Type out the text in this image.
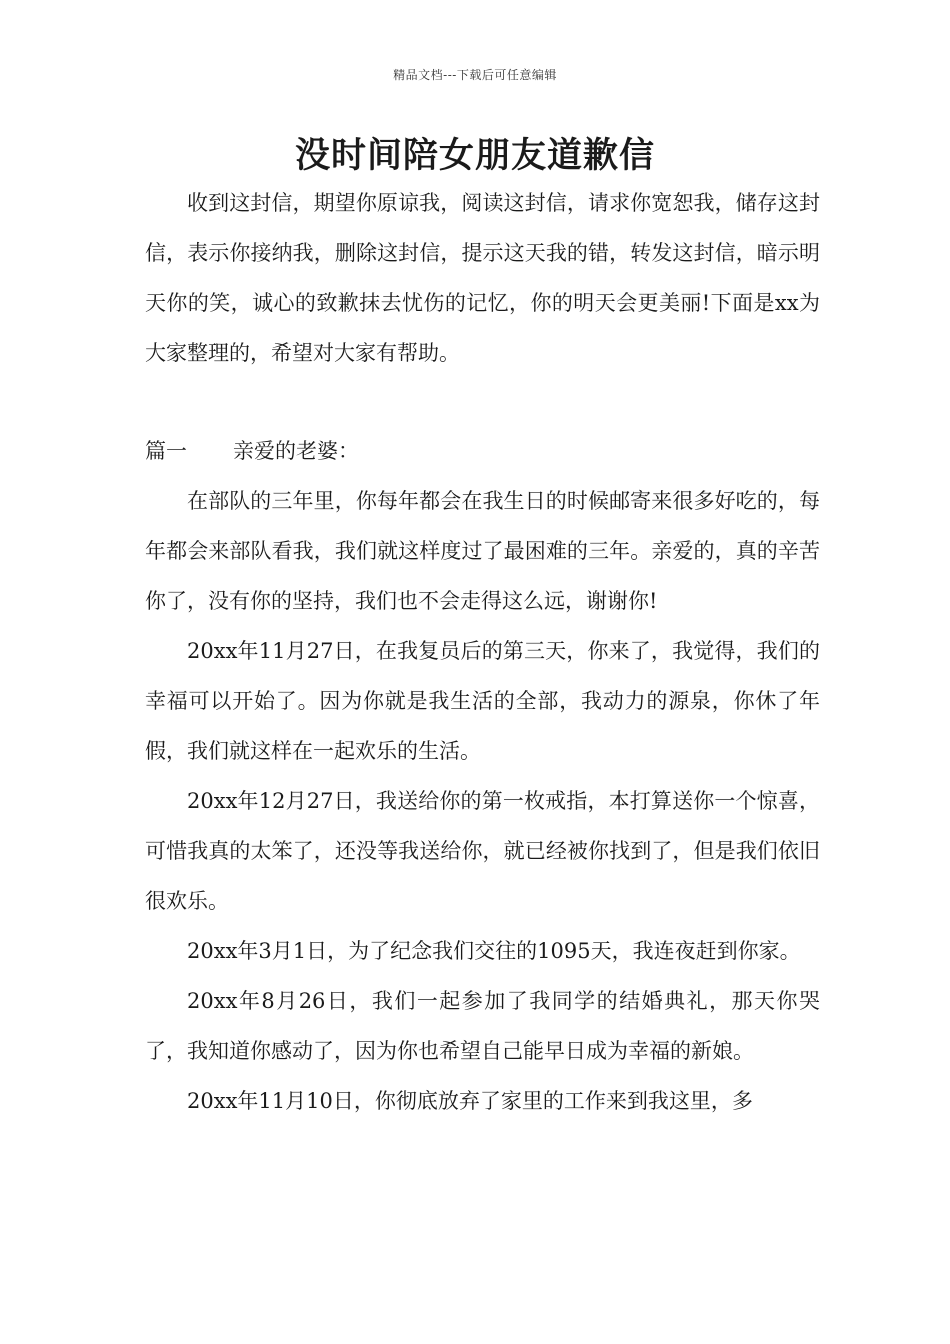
精品文档---下载后可任意编辑
没时间陪女朋友道歉信

收到这封信，期望你原谅我，阅读这封信，请求你宽恕我，储存这封信，表示你接纳我，删除这封信，提示这天我的错，转发这封信，暗示明天你的笑，诚心的致歉抹去忧伤的记忆，你的明天会更美丽!下面是xx为大家整理的，希望对大家有帮助。

篇一	亲爱的老婆：

在部队的三年里，你每年都会在我生日的时候邮寄来很多好吃的，每年都会来部队看我，我们就这样度过了最困难的三年。亲爱的，真的辛苦你了，没有你的坚持，我们也不会走得这么远，谢谢你!

20xx年11月27日，在我复员后的第三天，你来了，我觉得，我们的幸福可以开始了。因为你就是我生活的全部，我动力的源泉，你休了年假，我们就这样在一起欢乐的生活。

20xx年12月27日，我送给你的第一枚戒指，本打算送你一个惊喜，可惜我真的太笨了，还没等我送给你，就已经被你找到了，但是我们依旧很欢乐。

20xx年3月1日，为了纪念我们交往的1095天，我连夜赶到你家。

20xx年8月26日，我们一起参加了我同学的结婚典礼，那天你哭了，我知道你感动了，因为你也希望自己能早日成为幸福的新娘。

20xx年11月10日，你彻底放弃了家里的工作来到我这里，多
